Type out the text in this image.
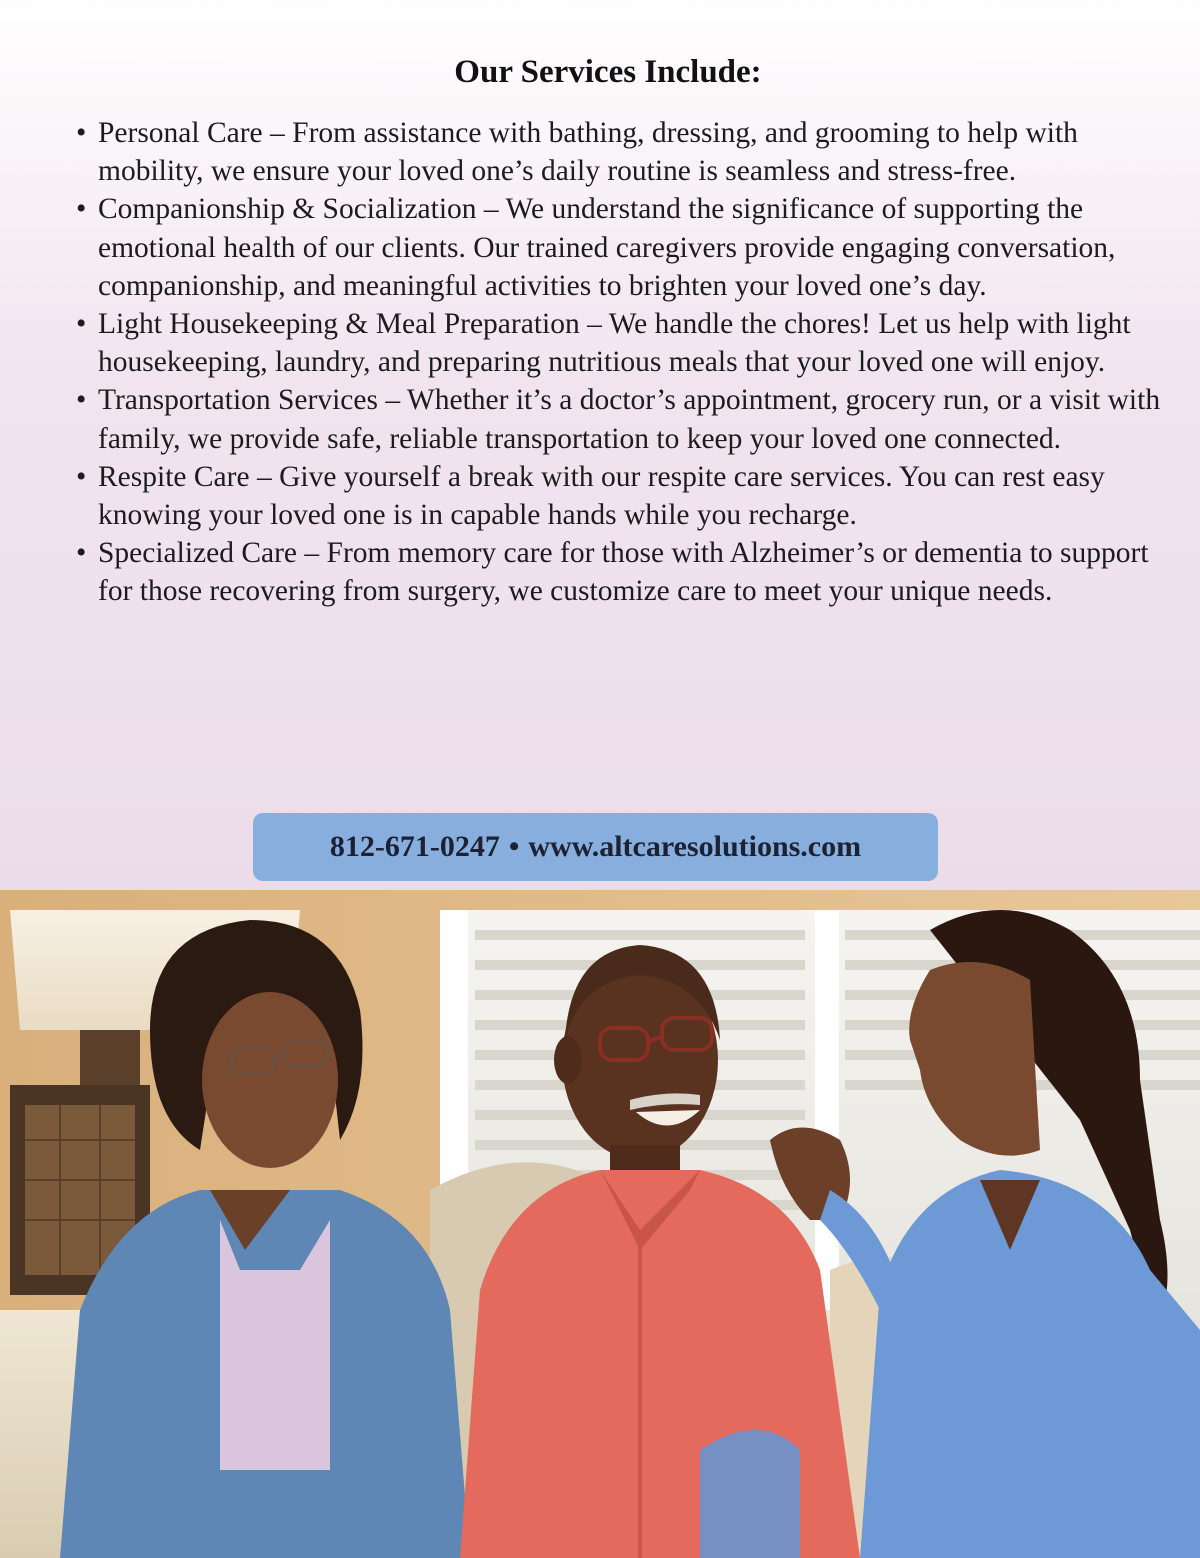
Our Services Include:
• Personal Care – From assistance with bathing, dressing, and grooming to help with mobility, we ensure your loved one’s daily routine is seamless and stress-free.
• Companionship & Socialization – We understand the significance of supporting the emotional health of our clients. Our trained caregivers provide engaging conversation, companionship, and meaningful activities to brighten your loved one’s day.
• Light Housekeeping & Meal Preparation – We handle the chores! Let us help with light housekeeping, laundry, and preparing nutritious meals that your loved one will enjoy.
• Transportation Services – Whether it’s a doctor’s appointment, grocery run, or a visit with family, we provide safe, reliable transportation to keep your loved one connected.
• Respite Care – Give yourself a break with our respite care services. You can rest easy knowing your loved one is in capable hands while you recharge.
• Specialized Care – From memory care for those with Alzheimer’s or dementia to support for those recovering from surgery, we customize care to meet your unique needs.
812-671-0247 • www.altcaresolutions.com
